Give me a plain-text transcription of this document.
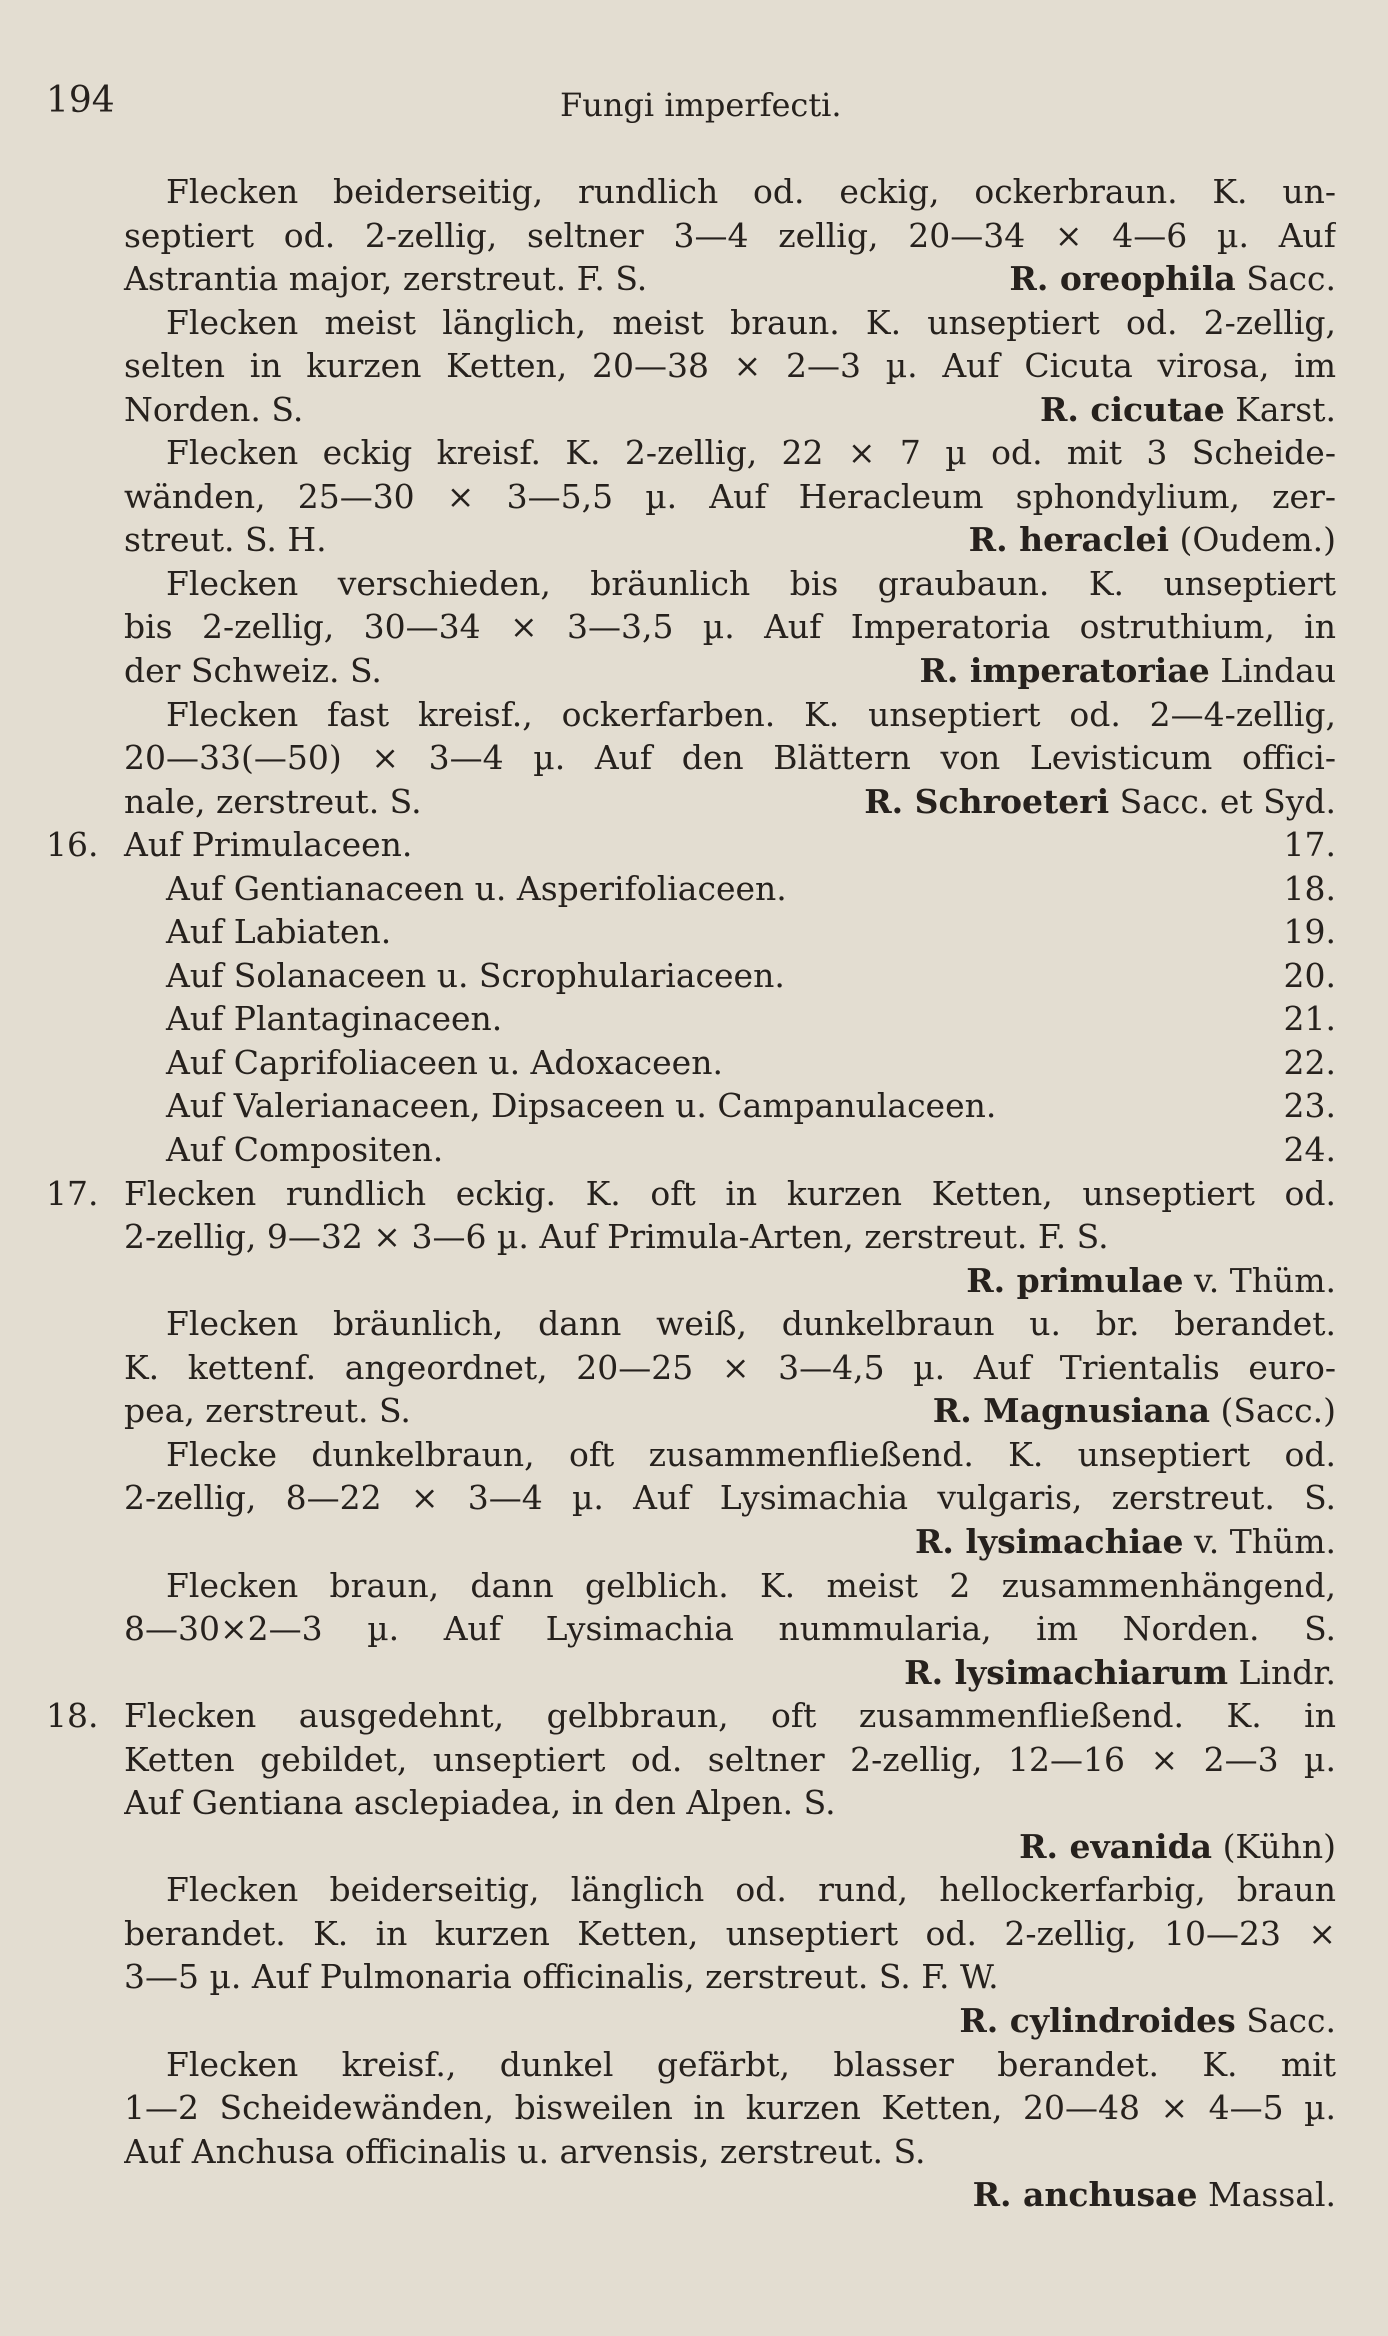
194	Fungi imperfecti.
Flecken beiderseitig, rundlich od. eckig, ockerbraun. K. un-
septiert od. 2-zellig, seltner 3—4 zellig, 20—34 × 4—6 µ. Auf
Astrantia major, zerstreut. F. S.	R. oreophila Sacc.
Flecken meist länglich, meist braun. K. unseptiert od. 2-zellig,
selten in kurzen Ketten, 20—38 × 2—3 µ. Auf Cicuta virosa, im
Norden. S.	R. cicutae Karst.
Flecken eckig kreisf. K. 2-zellig, 22 × 7 µ od. mit 3 Scheide-
wänden, 25—30 × 3—5,5 µ. Auf Heracleum sphondylium, zer-
streut. S. H.	R. heraclei (Oudem.)
Flecken verschieden, bräunlich bis graubaun. K. unseptiert
bis 2-zellig, 30—34 × 3—3,5 µ. Auf Imperatoria ostruthium, in
der Schweiz. S.	R. imperatoriae Lindau
Flecken fast kreisf., ockerfarben. K. unseptiert od. 2—4-zellig,
20—33(—50) × 3—4 µ. Auf den Blättern von Levisticum offici-
nale, zerstreut. S.	R. Schroeteri Sacc. et Syd.
16. Auf Primulaceen.	17.
Auf Gentianaceen u. Asperifoliaceen.	18.
Auf Labiaten.	19.
Auf Solanaceen u. Scrophulariaceen.	20.
Auf Plantaginaceen.	21.
Auf Caprifoliaceen u. Adoxaceen.	22.
Auf Valerianaceen, Dipsaceen u. Campanulaceen.	23.
Auf Compositen.	24.
17. Flecken rundlich eckig. K. oft in kurzen Ketten, unseptiert od.
2-zellig, 9—32 × 3—6 µ. Auf Primula-Arten, zerstreut. F. S.
R. primulae v. Thüm.
Flecken bräunlich, dann weiß, dunkelbraun u. br. berandet.
K. kettenf. angeordnet, 20—25 × 3—4,5 µ. Auf Trientalis euro-
pea, zerstreut. S.	R. Magnusiana (Sacc.)
Flecke dunkelbraun, oft zusammenfließend. K. unseptiert od.
2-zellig, 8—22 × 3—4 µ. Auf Lysimachia vulgaris, zerstreut. S.
R. lysimachiae v. Thüm.
Flecken braun, dann gelblich. K. meist 2 zusammenhängend,
8—30×2—3 µ. Auf Lysimachia nummularia, im Norden. S.
R. lysimachiarum Lindr.
18. Flecken ausgedehnt, gelbbraun, oft zusammenfließend. K. in
Ketten gebildet, unseptiert od. seltner 2-zellig, 12—16 × 2—3 µ.
Auf Gentiana asclepiadea, in den Alpen. S.
R. evanida (Kühn)
Flecken beiderseitig, länglich od. rund, hellockerfarbig, braun
berandet. K. in kurzen Ketten, unseptiert od. 2-zellig, 10—23 ×
3—5 µ. Auf Pulmonaria officinalis, zerstreut. S. F. W.
R. cylindroides Sacc.
Flecken kreisf., dunkel gefärbt, blasser berandet. K. mit
1—2 Scheidewänden, bisweilen in kurzen Ketten, 20—48 × 4—5 µ.
Auf Anchusa officinalis u. arvensis, zerstreut. S.
R. anchusae Massal.
